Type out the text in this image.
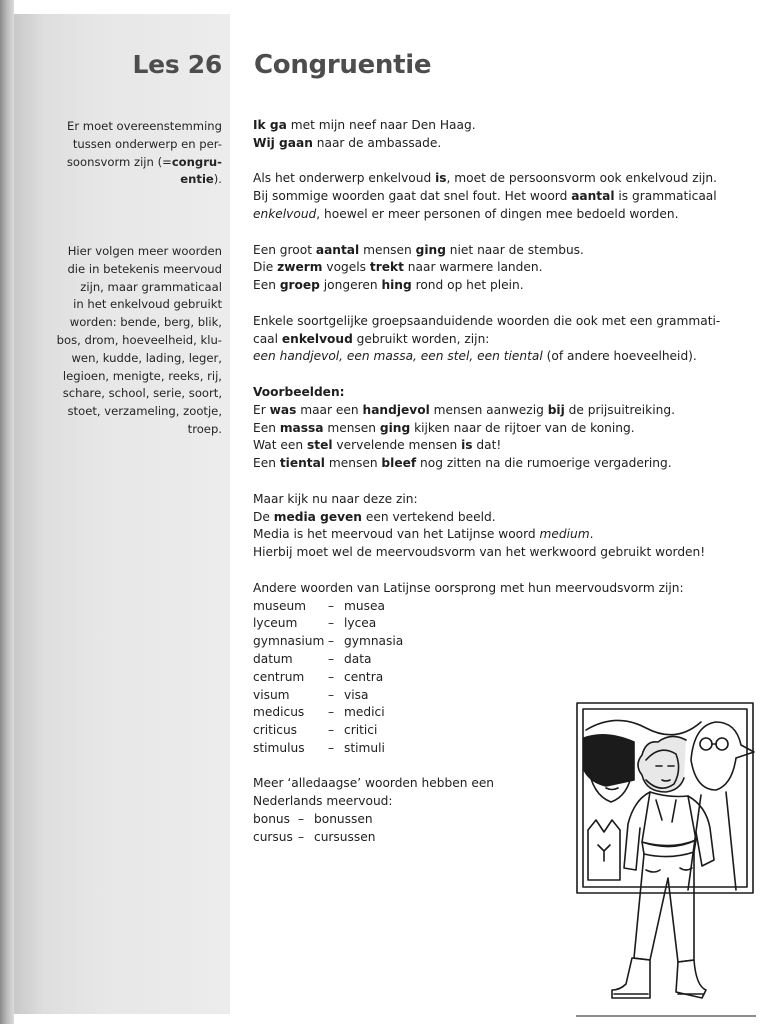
Les 26 Congruentie
Er moet overeenstemming
tussen onderwerp en per-
soonsvorm zijn (=congru-
entie).
Hier volgen meer woorden
die in betekenis meervoud
zijn, maar grammaticaal
in het enkelvoud gebruikt
worden: bende, berg, blik,
bos, drom, hoeveelheid, klu-
wen, kudde, lading, leger,
legioen, menigte, reeks, rij,
schare, school, serie, soort,
stoet, verzameling, zootje,
troep.
Ik ga met mijn neef naar Den Haag.
Wij gaan naar de ambassade.
Als het onderwerp enkelvoud is, moet de persoonsvorm ook enkelvoud zijn.
Bij sommige woorden gaat dat snel fout. Het woord aantal is grammaticaal
enkelvoud, hoewel er meer personen of dingen mee bedoeld worden.
Een groot aantal mensen ging niet naar de stembus.
Die zwerm vogels trekt naar warmere landen.
Een groep jongeren hing rond op het plein.
Enkele soortgelijke groepsaanduidende woorden die ook met een grammati-
caal enkelvoud gebruikt worden, zijn:
een handjevol, een massa, een stel, een tiental (of andere hoeveelheid).
Voorbeelden:
Er was maar een handjevol mensen aanwezig bij de prijsuitreiking.
Een massa mensen ging kijken naar de rijtoer van de koning.
Wat een stel vervelende mensen is dat!
Een tiental mensen bleef nog zitten na die rumoerige vergadering.
Maar kijk nu naar deze zin:
De media geven een vertekend beeld.
Media is het meervoud van het Latijnse woord medium.
Hierbij moet wel de meervoudsvorm van het werkwoord gebruikt worden!
Andere woorden van Latijnse oorsprong met hun meervoudsvorm zijn:
museum	– musea
lyceum	– lycea
gymnasium – gymnasia
datum	– data
centrum	– centra
visum	– visa
medicus	– medici
criticus	– critici
stimulus	– stimuli
Meer ‘alledaagse’ woorden hebben een
Nederlands meervoud:
bonus – bonussen
cursus – cursussen
